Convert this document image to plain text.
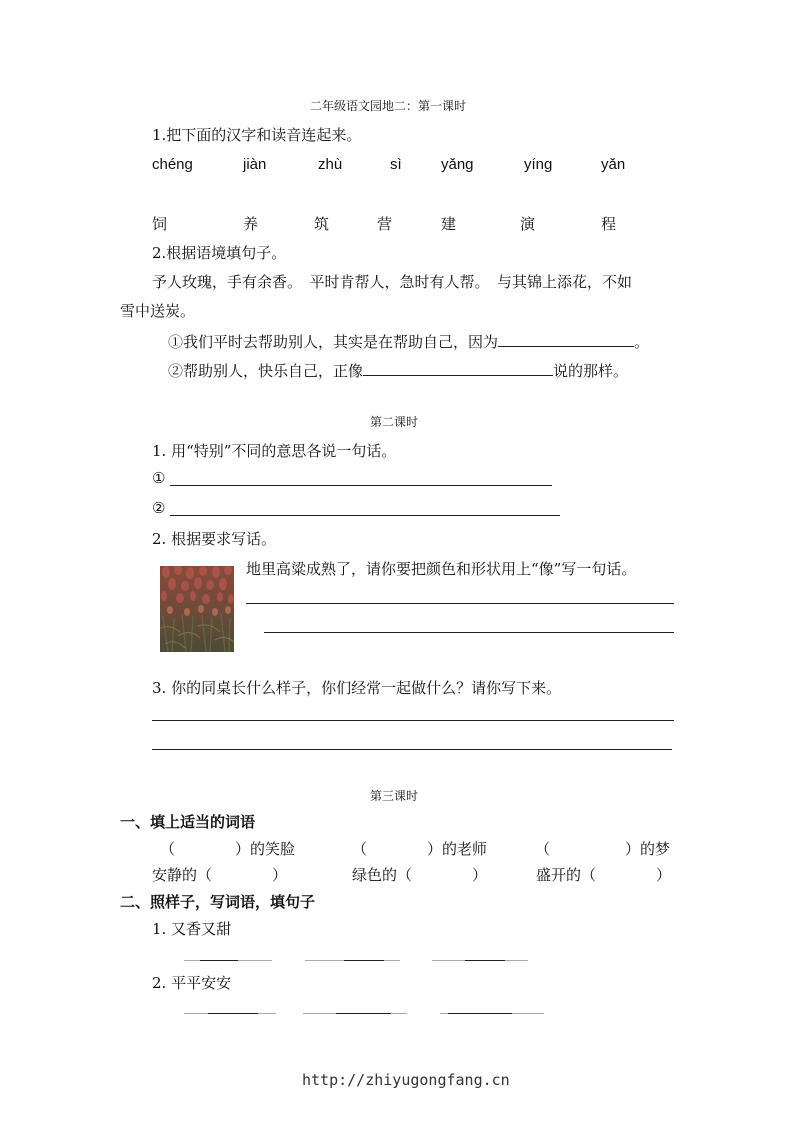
二年级语文园地二：第一课时
1.把下面的汉字和读音连起来。
chéng	jiàn	zhù	sì	yǎng	yíng	yǎn
饲	养	筑	营	建	演	程
2.根据语境填句子。
予人玫瑰，手有余香。　平时肯帮人，急时有人帮。　与其锦上添花，不如
雪中送炭。
①我们平时去帮助别人，其实是在帮助自己，因为	。
②帮助别人，快乐自己，正像	说的那样。
第二课时
1. 用“特别”不同的意思各说一句话。
①
②
2. 根据要求写话。
地里高粱成熟了，请你要把颜色和形状用上“像”写一句话。
3. 你的同桌长什么样子，你们经常一起做什么？请你写下来。
第三课时
一、填上适当的词语
（　　　　）的笑脸	（　　　　）的老师	（　　　　　）的梦
安静的（　　　　）	绿色的（　　　　）	盛开的（　　　　）
二、照样子，写词语，填句子
1. 又香又甜
2. 平平安安
http://zhiyugongfang.cn
